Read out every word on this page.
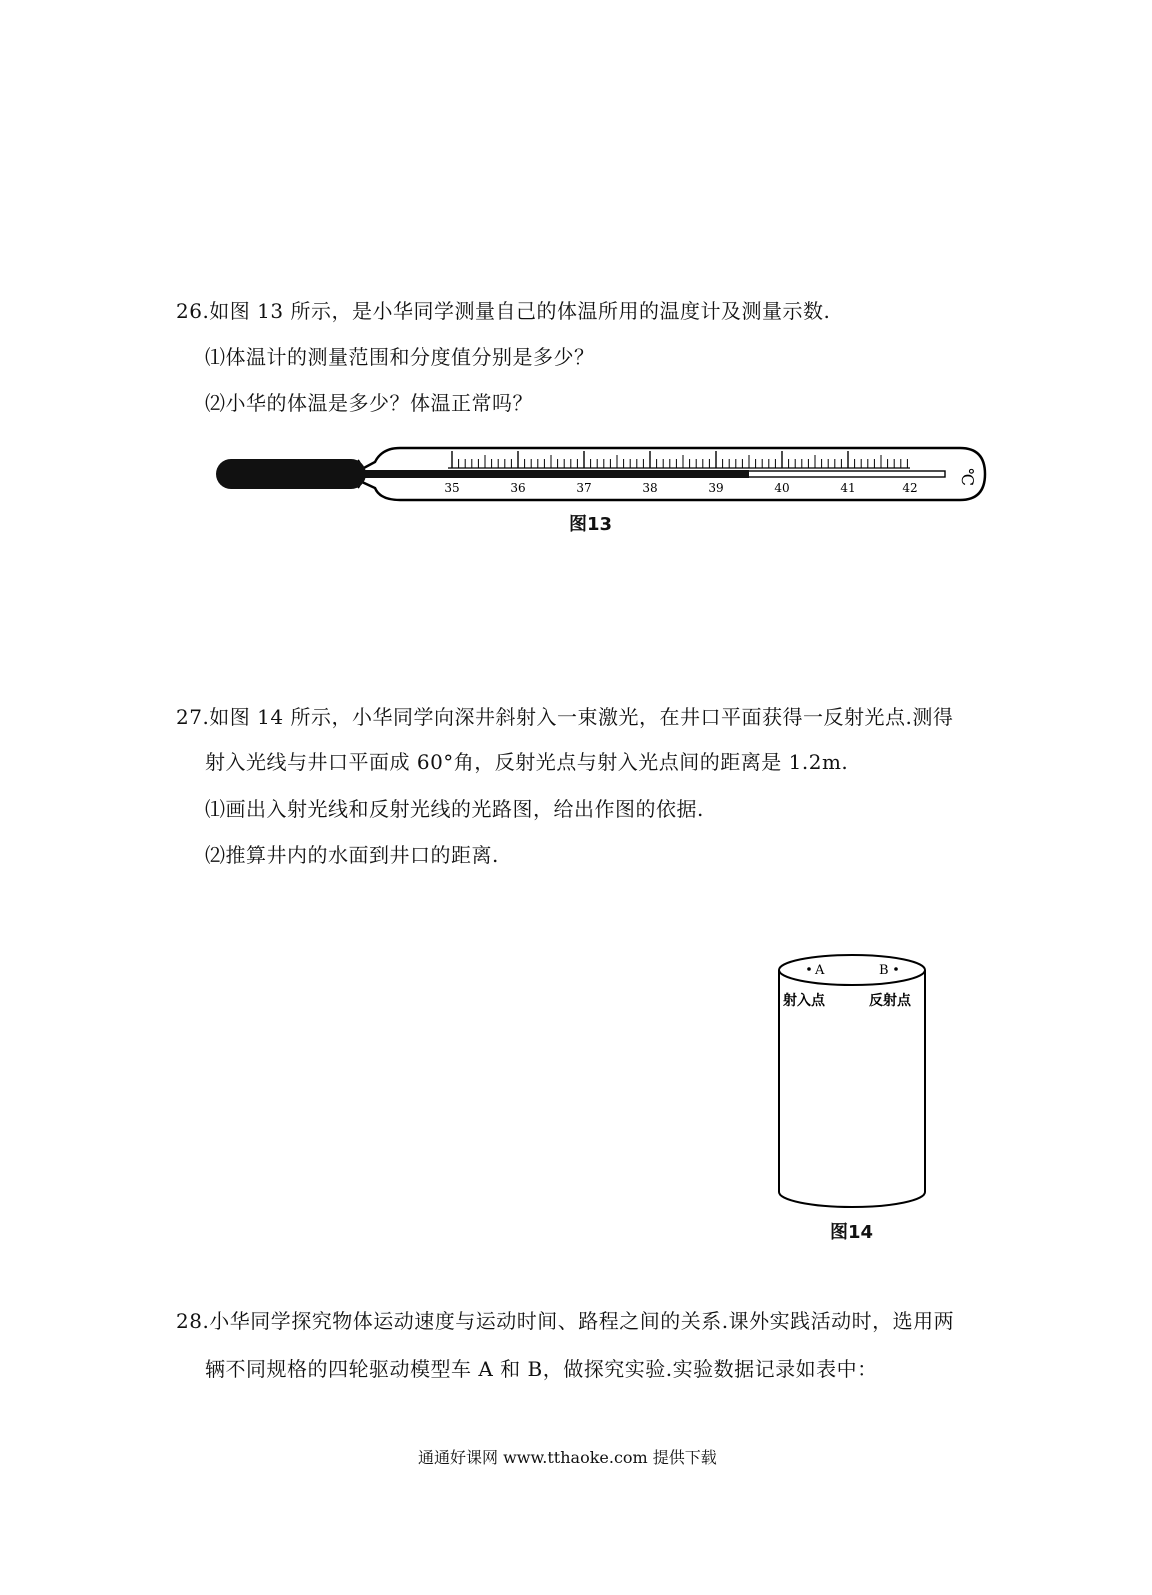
26.如图 13 所示，是小华同学测量自己的体温所用的温度计及测量示数.
⑴体温计的测量范围和分度值分别是多少？
⑵小华的体温是多少？体温正常吗？
35	36	37	38	39	40	41	42
℃
图13
27.如图 14 所示，小华同学向深井斜射入一束激光，在井口平面获得一反射光点.测得
射入光线与井口平面成 60°角，反射光点与射入光点间的距离是 1.2m.
⑴画出入射光线和反射光线的光路图，给出作图的依据.
⑵推算井内的水面到井口的距离.
A	B
射入点	反射点
图14
28.小华同学探究物体运动速度与运动时间、路程之间的关系.课外实践活动时，选用两
辆不同规格的四轮驱动模型车 A 和 B，做探究实验.实验数据记录如表中：
通通好课网 www.tthaoke.com 提供下载
